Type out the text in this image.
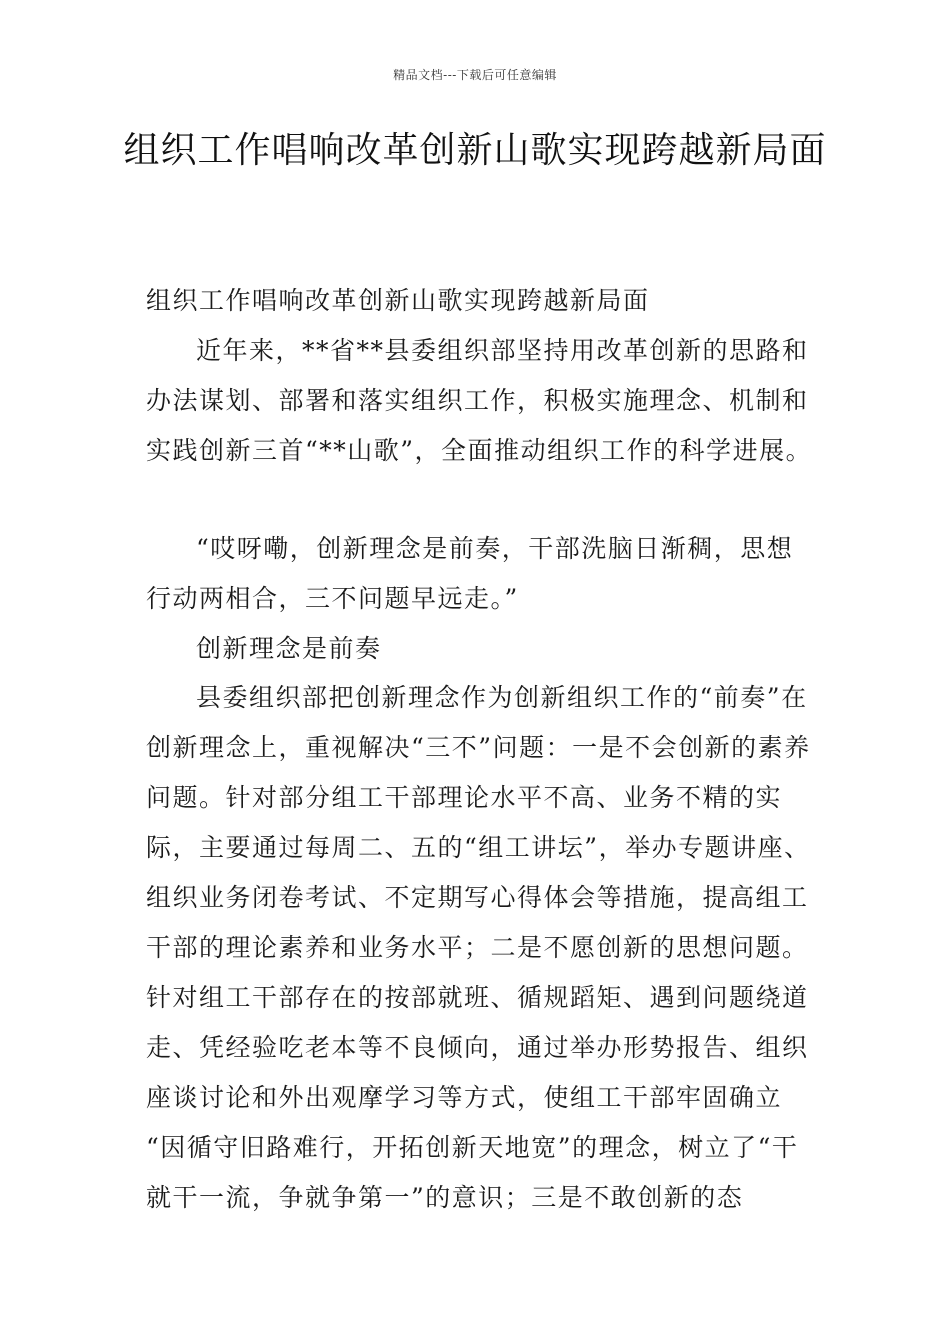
精品文档---下载后可任意编辑
组织工作唱响改革创新山歌实现跨越新局面

组织工作唱响改革创新山歌实现跨越新局面

近年来，**省**县委组织部坚持用改革创新的思路和办法谋划、部署和落实组织工作，积极实施理念、机制和实践创新三首“**山歌”，全面推动组织工作的科学进展。

“哎呀嘞，创新理念是前奏，干部洗脑日渐稠，思想行动两相合，三不问题早远走。”

创新理念是前奏

县委组织部把创新理念作为创新组织工作的“前奏”在创新理念上，重视解决“三不”问题：一是不会创新的素养问题。针对部分组工干部理论水平不高、业务不精的实际，主要通过每周二、五的“组工讲坛”，举办专题讲座、组织业务闭卷考试、不定期写心得体会等措施，提高组工干部的理论素养和业务水平；二是不愿创新的思想问题。针对组工干部存在的按部就班、循规蹈矩、遇到问题绕道走、凭经验吃老本等不良倾向，通过举办形势报告、组织座谈讨论和外出观摩学习等方式，使组工干部牢固确立 “因循守旧路难行，开拓创新天地宽”的理念，树立了“干就干一流，争就争第一”的意识；三是不敢创新的态
